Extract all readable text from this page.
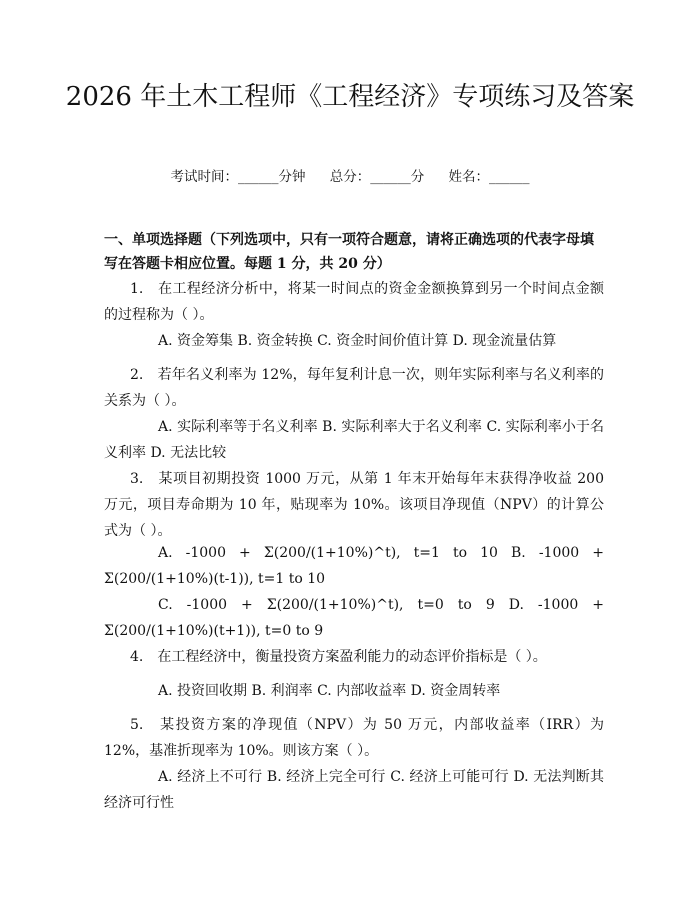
2026 年土木工程师《工程经济》专项练习及答案
考试时间：______分钟 总分：______分 姓名：______

一、单项选择题（下列选项中，只有一项符合题意，请将正确选项的代表字母填写在答题卡相应位置。每题 1 分，共 20 分）

1.　在工程经济分析中，将某一时间点的资金金额换算到另一个时间点金额的过程称为（ ）。

A. 资金筹集 B. 资金转换 C. 资金时间价值计算 D. 现金流量估算

2.　若年名义利率为 12%，每年复利计息一次，则年实际利率与名义利率的关系为（ ）。

A. 实际利率等于名义利率 B. 实际利率大于名义利率 C. 实际利率小于名义利率 D. 无法比较

3.　某项目初期投资 1000 万元，从第 1 年末开始每年末获得净收益 200 万元，项目寿命期为 10 年，贴现率为 10%。该项目净现值（NPV）的计算公式为（ ）。

A. -1000 + Σ(200/(1+10%)^t), t=1 to 10 B. -1000 + Σ(200/(1+10%)(t-1)), t=1 to 10

C. -1000 + Σ(200/(1+10%)^t), t=0 to 9 D. -1000 + Σ(200/(1+10%)(t+1)), t=0 to 9

4.　在工程经济中，衡量投资方案盈利能力的动态评价指标是（ ）。

A. 投资回收期 B. 利润率 C. 内部收益率 D. 资金周转率

5.　某投资方案的净现值（NPV）为 50 万元，内部收益率（IRR）为 12%，基准折现率为 10%。则该方案（ ）。

A. 经济上不可行 B. 经济上完全可行 C. 经济上可能可行 D. 无法判断其经济可行性
